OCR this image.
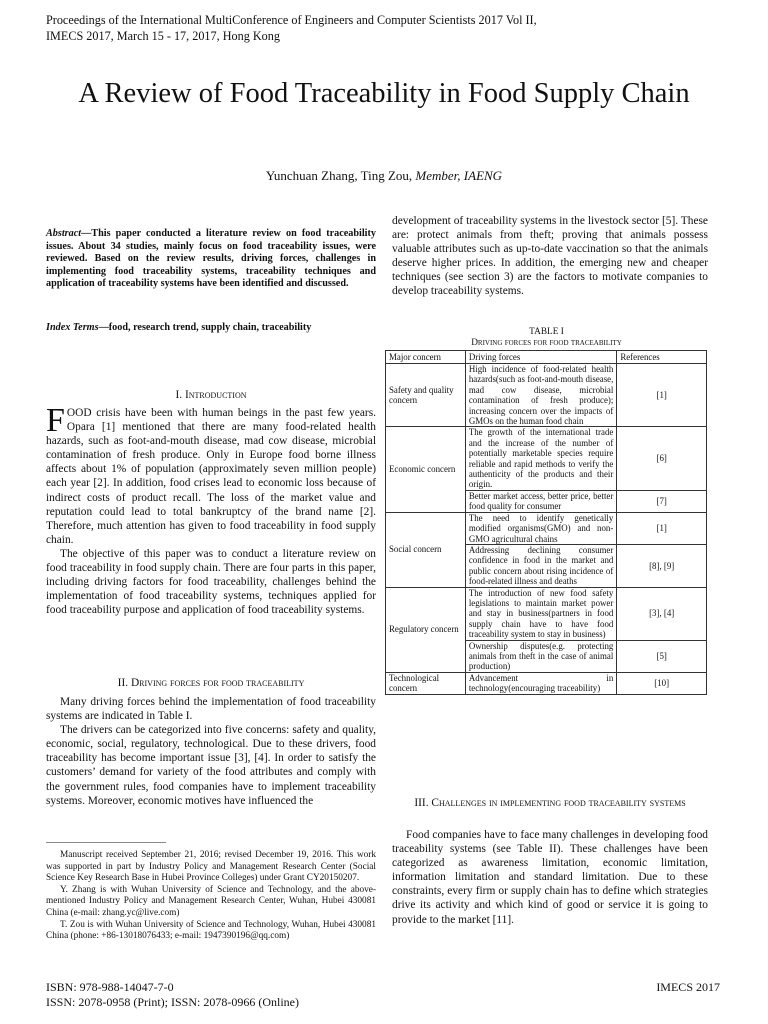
Proceedings of the International MultiConference of Engineers and Computer Scientists 2017 Vol II,
IMECS 2017, March 15 - 17, 2017, Hong Kong
A Review of Food Traceability in Food Supply Chain
Yunchuan Zhang, Ting Zou, Member, IAENG
Abstract—This paper conducted a literature review on food traceability issues. About 34 studies, mainly focus on food traceability issues, were reviewed. Based on the review results, driving forces, challenges in implementing food traceability systems, traceability techniques and application of traceability systems have been identified and discussed.
Index Terms—food, research trend, supply chain, traceability
I. Introduction

FOOD crisis have been with human beings in the past few years. Opara [1] mentioned that there are many food-related health hazards, such as foot-and-mouth disease, mad cow disease, microbial contamination of fresh produce. Only in Europe food borne illness affects about 1% of population (approximately seven million people) each year [2]. In addition, food crises lead to economic loss because of indirect costs of product recall. The loss of the market value and reputation could lead to total bankruptcy of the brand name [2]. Therefore, much attention has given to food traceability in food supply chain.

The objective of this paper was to conduct a literature review on food traceability in food supply chain. There are four parts in this paper, including driving factors for food traceability, challenges behind the implementation of food traceability systems, techniques applied for food traceability purpose and application of food traceability systems.

II. Driving forces for food traceability

Many driving forces behind the implementation of food traceability systems are indicated in Table I.

The drivers can be categorized into five concerns: safety and quality, economic, social, regulatory, technological. Due to these drivers, food traceability has become important issue [3], [4]. In order to satisfy the customers’ demand for variety of the food attributes and comply with the government rules, food companies have to implement traceability systems. Moreover, economic motives have influenced the

Manuscript received September 21, 2016; revised December 19, 2016. This work was supported in part by Industry Policy and Management Research Center (Social Science Key Research Base in Hubei Province Colleges) under Grant CY20150207.

Y. Zhang is with Wuhan University of Science and Technology, and the above-mentioned Industry Policy and Management Research Center, Wuhan, Hubei 430081 China (e-mail: zhang.yc@live.com)

T. Zou is with Wuhan University of Science and Technology, Wuhan, Hubei 430081 China (phone: +86-13018076433; e-mail: 1947390196@qq.com)

development of traceability systems in the livestock sector [5]. These are: protect animals from theft; proving that animals possess valuable attributes such as up-to-date vaccination so that the animals deserve higher prices. In addition, the emerging new and cheaper techniques (see section 3) are the factors to motivate companies to develop traceability systems.

TABLE I
Driving forces for food traceability
Major concern	Driving forces	References
Safety and quality concern	High incidence of food-related health hazards(such as foot-and-mouth disease, mad cow disease, microbial contamination of fresh produce); increasing concern over the impacts of GMOs on the human food chain	[1]
Economic concern	The growth of the international trade and the increase of the number of potentially marketable species require reliable and rapid methods to verify the authenticity of the products and their origin.	[6]
	Better market access, better price, better food quality for consumer	[7]
Social concern	The need to identify genetically modified organisms(GMO) and non-GMO agricultural chains	[1]
	Addressing declining consumer confidence in food in the market and public concern about rising incidence of food-related illness and deaths	[8], [9]
Regulatory concern	The introduction of new food safety legislations to maintain market power and stay in business(partners in food supply chain have to have food traceability system to stay in business)	[3], [4]
	Ownership disputes(e.g. protecting animals from theft in the case of animal production)	[5]
Technological concern	Advancement in technology(encouraging traceability)	[10]
III. Challenges in implementing food traceability systems

Food companies have to face many challenges in developing food traceability systems (see Table II). These challenges have been categorized as awareness limitation, economic limitation, information limitation and standard limitation. Due to these constraints, every firm or supply chain has to define which strategies drive its activity and which kind of good or service it is going to provide to the market [11].

ISBN: 978-988-14047-7-0
ISSN: 2078-0958 (Print); ISSN: 2078-0966 (Online)
IMECS 2017
